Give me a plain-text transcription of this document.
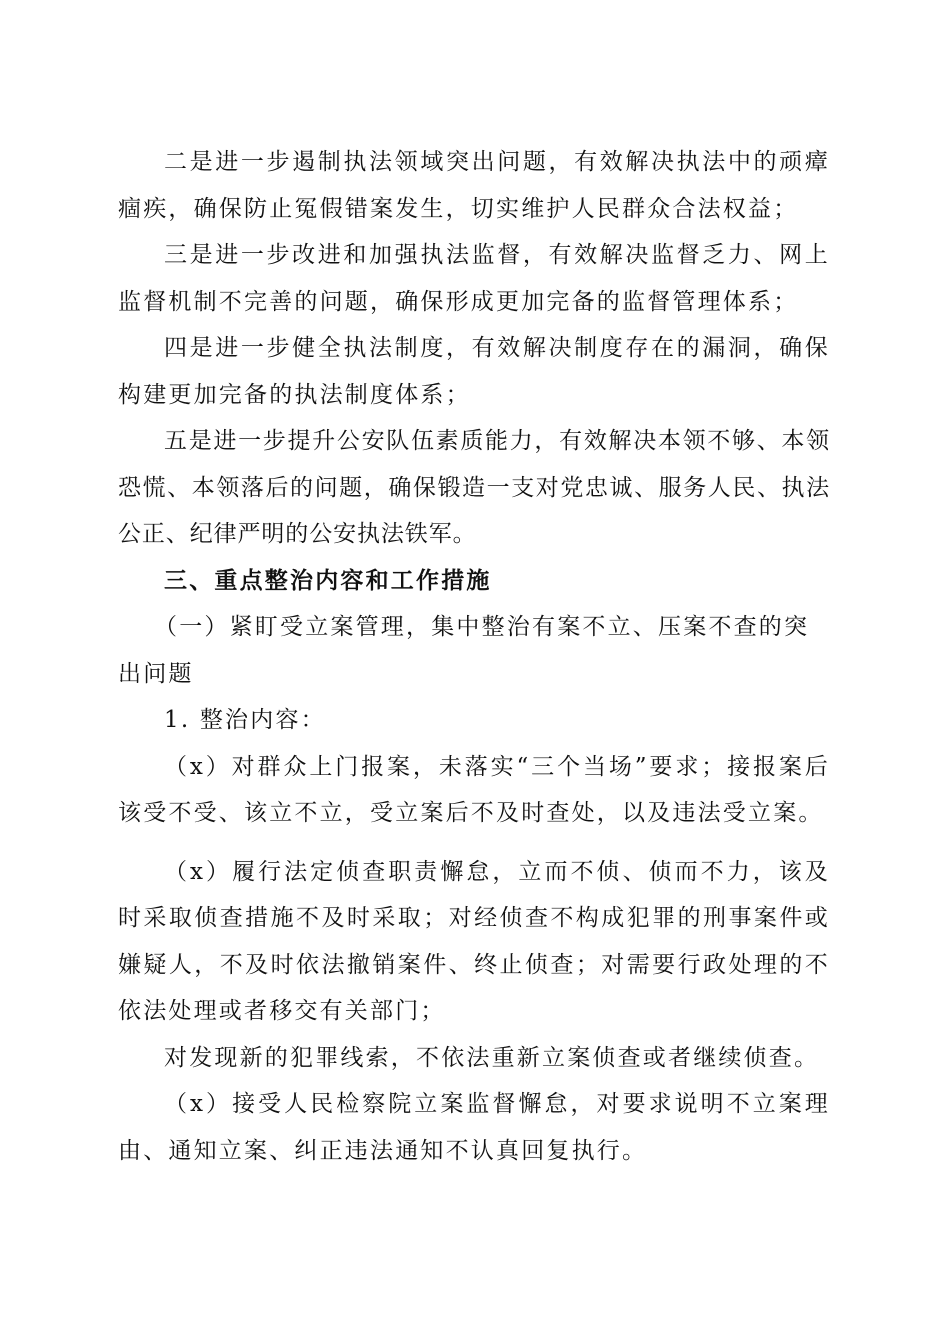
二是进一步遏制执法领域突出问题，有效解决执法中的顽瘴痼疾，确保防止冤假错案发生，切实维护人民群众合法权益；

三是进一步改进和加强执法监督，有效解决监督乏力、网上监督机制不完善的问题，确保形成更加完备的监督管理体系；

四是进一步健全执法制度，有效解决制度存在的漏洞，确保构建更加完备的执法制度体系；

五是进一步提升公安队伍素质能力，有效解决本领不够、本领恐慌、本领落后的问题，确保锻造一支对党忠诚、服务人民、执法公正、纪律严明的公安执法铁军。

三、重点整治内容和工作措施

（一）紧盯受立案管理，集中整治有案不立、压案不查的突出问题

1. 整治内容：

（x）对群众上门报案，未落实“三个当场”要求；接报案后该受不受、该立不立，受立案后不及时查处，以及违法受立案。

（x）履行法定侦查职责懈怠，立而不侦、侦而不力，该及时采取侦查措施不及时采取；对经侦查不构成犯罪的刑事案件或嫌疑人，不及时依法撤销案件、终止侦查；对需要行政处理的不依法处理或者移交有关部门；

对发现新的犯罪线索，不依法重新立案侦查或者继续侦查。

（x）接受人民检察院立案监督懈怠，对要求说明不立案理由、通知立案、纠正违法通知不认真回复执行。
